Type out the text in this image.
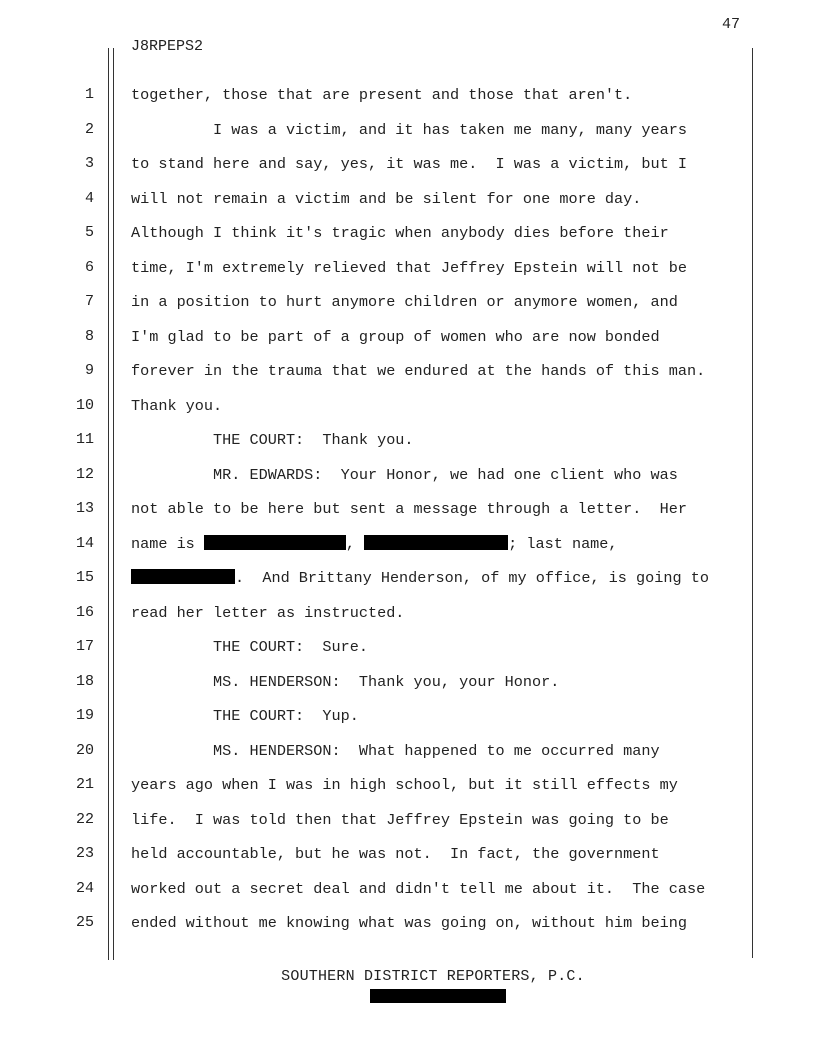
47
J8RPEPS2
1 together, those that are present and those that aren't.
2 I was a victim, and it has taken me many, many years
3 to stand here and say, yes, it was me.  I was a victim, but I
4 will not remain a victim and be silent for one more day.
5 Although I think it's tragic when anybody dies before their
6 time, I'm extremely relieved that Jeffrey Epstein will not be
7 in a position to hurt anymore children or anymore women, and
8 I'm glad to be part of a group of women who are now bonded
9 forever in the trauma that we endured at the hands of this man.
10 Thank you.
11 THE COURT:  Thank you.
12 MR. EDWARDS:  Your Honor, we had one client who was
13 not able to be here but sent a message through a letter.  Her
14 name is	,	; last name,
15	.  And Brittany Henderson, of my office, is going to
16 read her letter as instructed.
17 THE COURT:  Sure.
18 MS. HENDERSON:  Thank you, your Honor.
19 THE COURT:  Yup.
20 MS. HENDERSON:  What happened to me occurred many
21 years ago when I was in high school, but it still effects my
22 life.  I was told then that Jeffrey Epstein was going to be
23 held accountable, but he was not.  In fact, the government
24 worked out a secret deal and didn't tell me about it.  The case
25 ended without me knowing what was going on, without him being
SOUTHERN DISTRICT REPORTERS, P.C.
